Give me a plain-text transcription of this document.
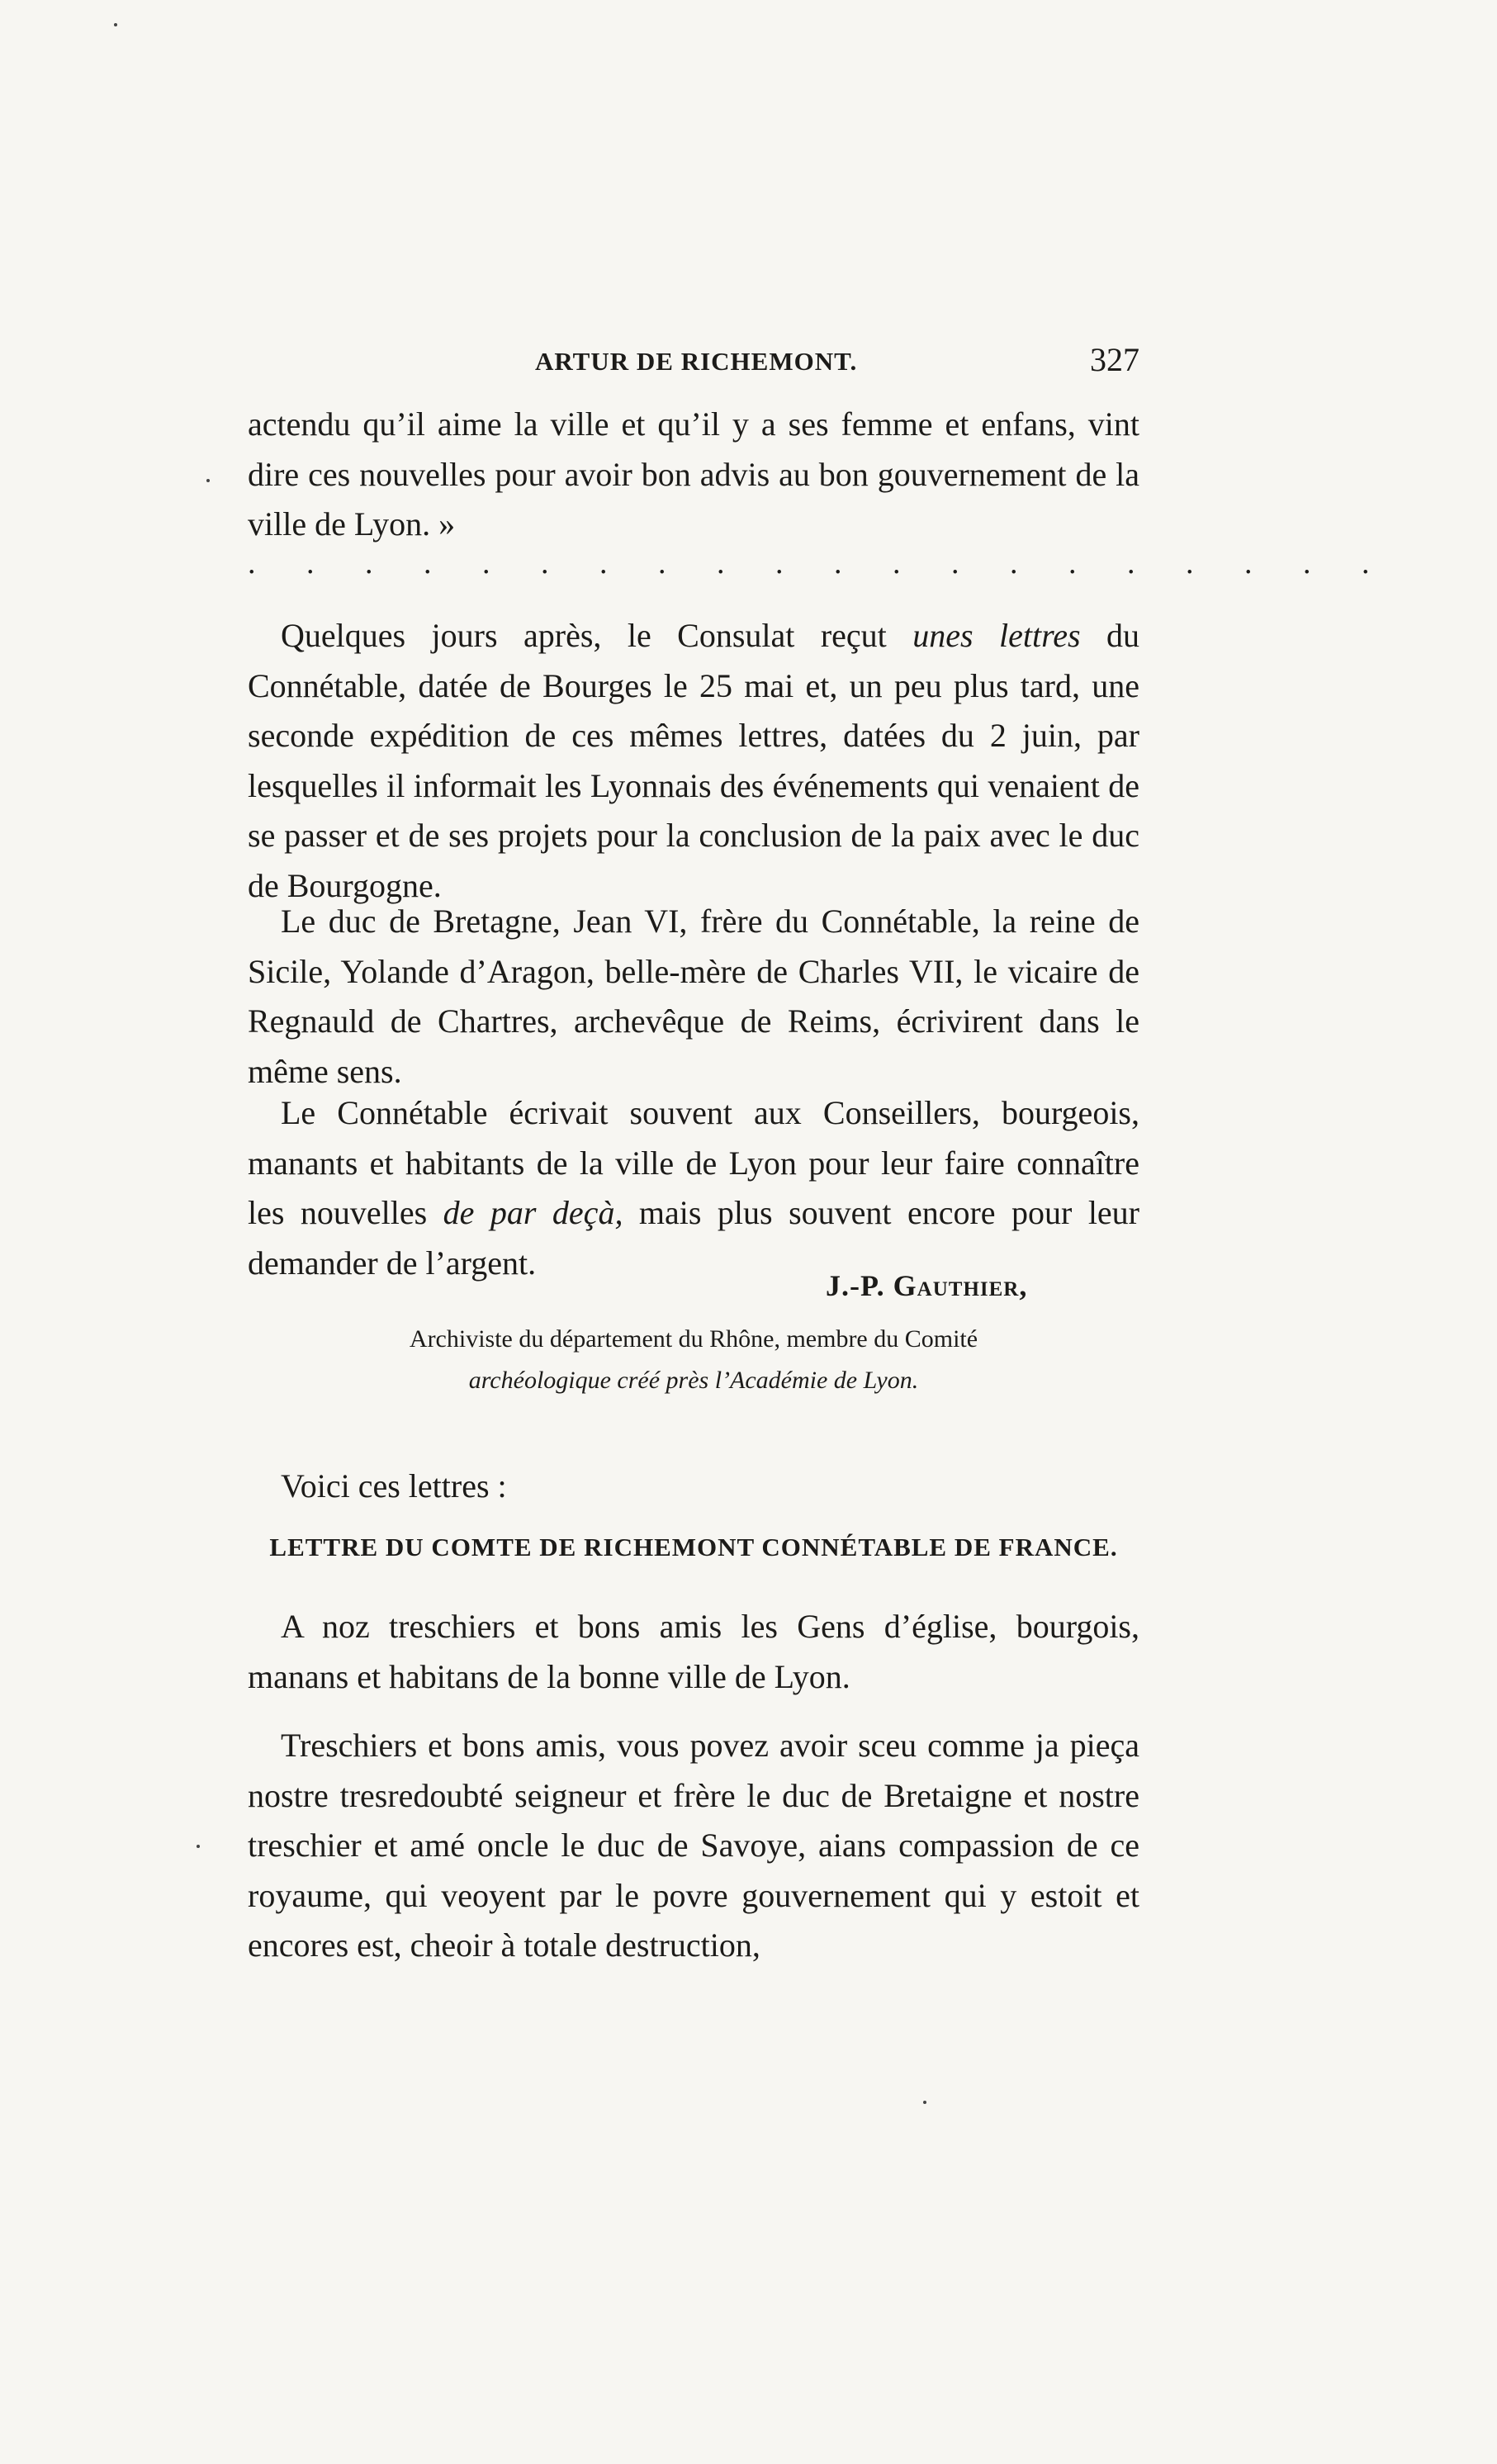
ARTUR DE RICHEMONT.	327

actendu qu’il aime la ville et qu’il y a ses femme et enfans, vint dire ces nouvelles pour avoir bon advis au bon gouvernement de la ville de Lyon. »

. . . . . . . . . . . . . . . . . . . .

Quelques jours après, le Consulat reçut unes lettres du Connétable, datée de Bourges le 25 mai et, un peu plus tard, une seconde expédition de ces mêmes lettres, datées du 2 juin, par lesquelles il informait les Lyonnais des événements qui venaient de se passer et de ses projets pour la conclusion de la paix avec le duc de Bourgogne.

Le duc de Bretagne, Jean VI, frère du Connétable, la reine de Sicile, Yolande d’Aragon, belle-mère de Charles VII, le vicaire de Regnauld de Chartres, archevêque de Reims, écrivirent dans le même sens.

Le Connétable écrivait souvent aux Conseillers, bourgeois, manants et habitants de la ville de Lyon pour leur faire connaître les nouvelles de par deçà, mais plus souvent encore pour leur demander de l’argent.

J.-P. Gauthier,
Archiviste du département du Rhône, membre du Comité
archéologique créé près l’Académie de Lyon.
Voici ces lettres :
LETTRE DU COMTE DE RICHEMONT CONNÉTABLE DE FRANCE.

A noz treschiers et bons amis les Gens d’église, bourgois, manans et habitans de la bonne ville de Lyon.

Treschiers et bons amis, vous povez avoir sceu comme ja pieça nostre tresredoubté seigneur et frère le duc de Bretaigne et nostre treschier et amé oncle le duc de Savoye, aians compassion de ce royaume, qui veoyent par le povre gouvernement qui y estoit et encores est, cheoir à totale destruction,
